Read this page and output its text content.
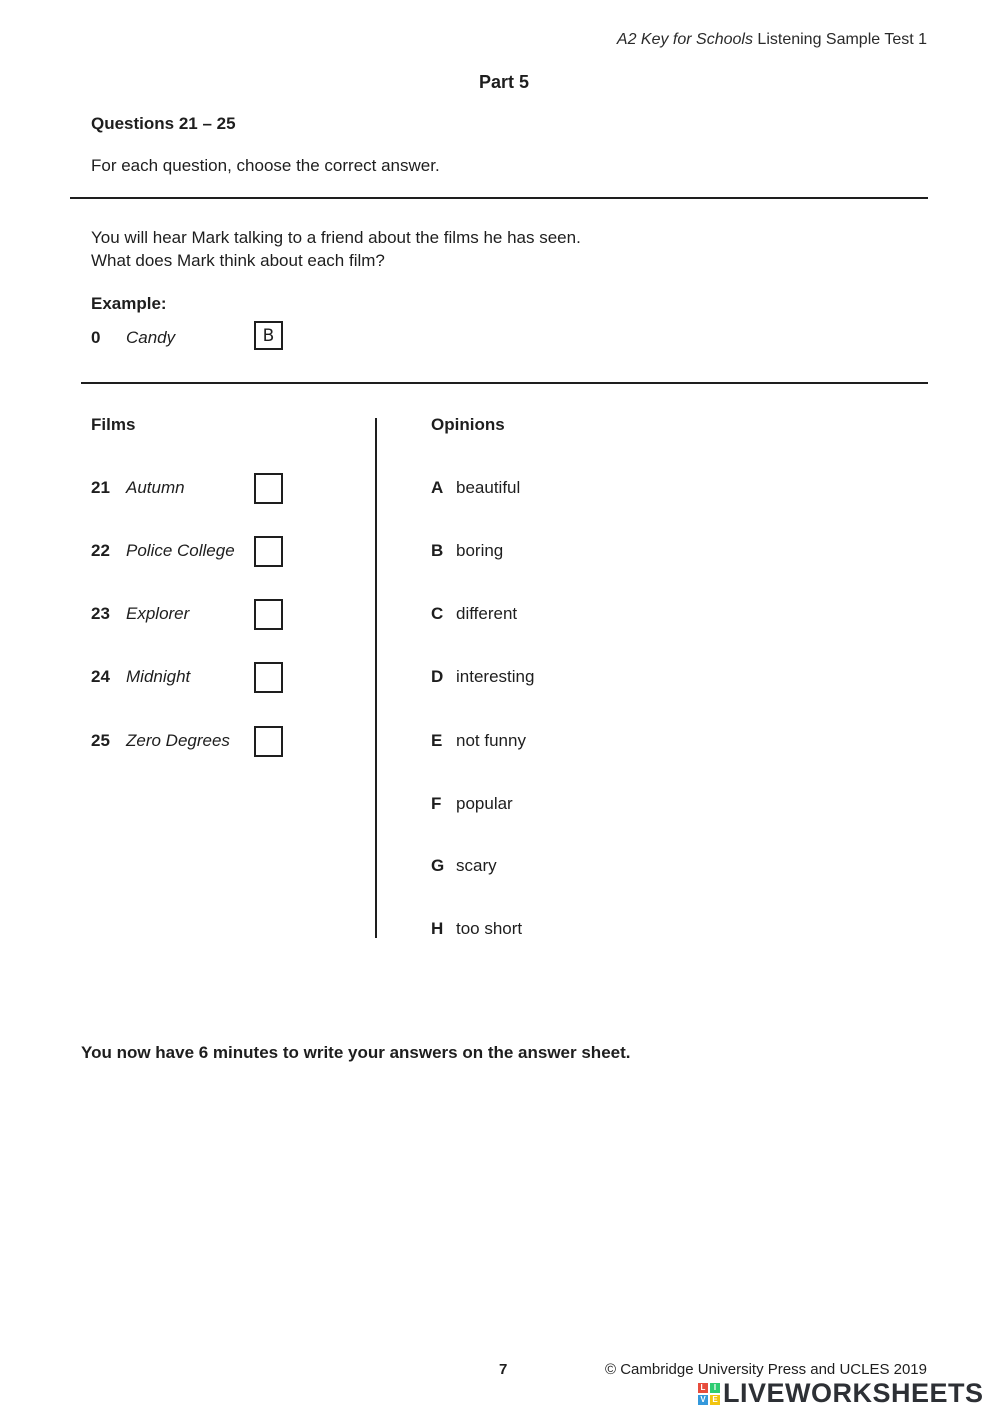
A2 Key for Schools Listening Sample Test 1
Part 5
Questions 21 – 25
For each question, choose the correct answer.
You will hear Mark talking to a friend about the films he has seen.
What does Mark think about each film?
Example:
0 Candy	B
Films	Opinions
21 Autumn
22 Police College
23 Explorer
24 Midnight
25 Zero Degrees
A beautiful
B boring
C different
D interesting
E not funny
F popular
G scary
H too short
You now have 6 minutes to write your answers on the answer sheet.
7	© Cambridge University Press and UCLES 2019
L	I
V E LIVEWORKSHEETS
